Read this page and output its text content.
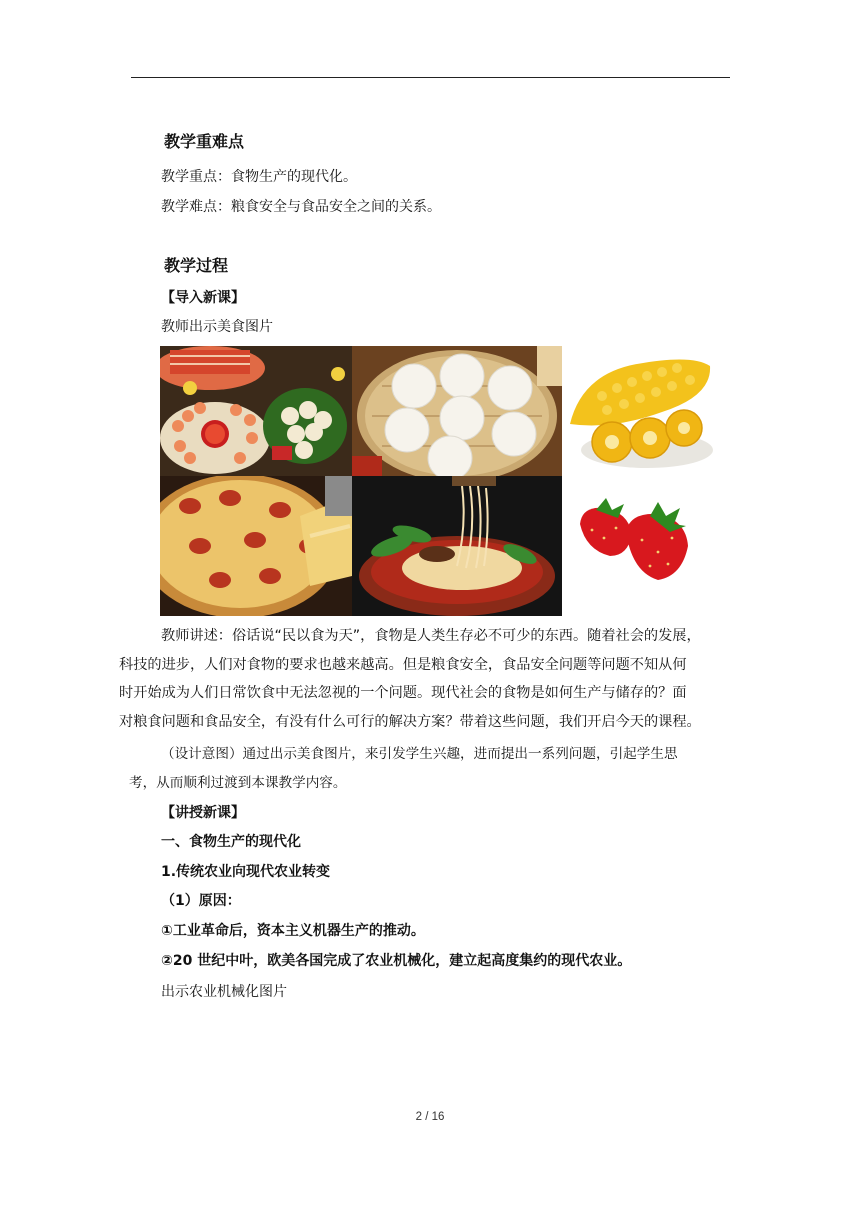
教学重难点
教学重点：食物生产的现代化。
教学难点：粮食安全与食品安全之间的关系。
教学过程
【导入新课】
教师出示美食图片
教师讲述：俗话说“民以食为天”，食物是人类生存必不可少的东西。随着社会的发展，
科技的进步，人们对食物的要求也越来越高。但是粮食安全，食品安全问题等问题不知从何
时开始成为人们日常饮食中无法忽视的一个问题。现代社会的食物是如何生产与储存的？面
对粮食问题和食品安全，有没有什么可行的解决方案？带着这些问题，我们开启今天的课程。
（设计意图）通过出示美食图片，来引发学生兴趣，进而提出一系列问题，引起学生思
考，从而顺利过渡到本课教学内容。
【讲授新课】
一、食物生产的现代化
1.传统农业向现代农业转变
（1）原因：
①工业革命后，资本主义机器生产的推动。
②20 世纪中叶，欧美各国完成了农业机械化，建立起高度集约的现代农业。
出示农业机械化图片
2 / 16
